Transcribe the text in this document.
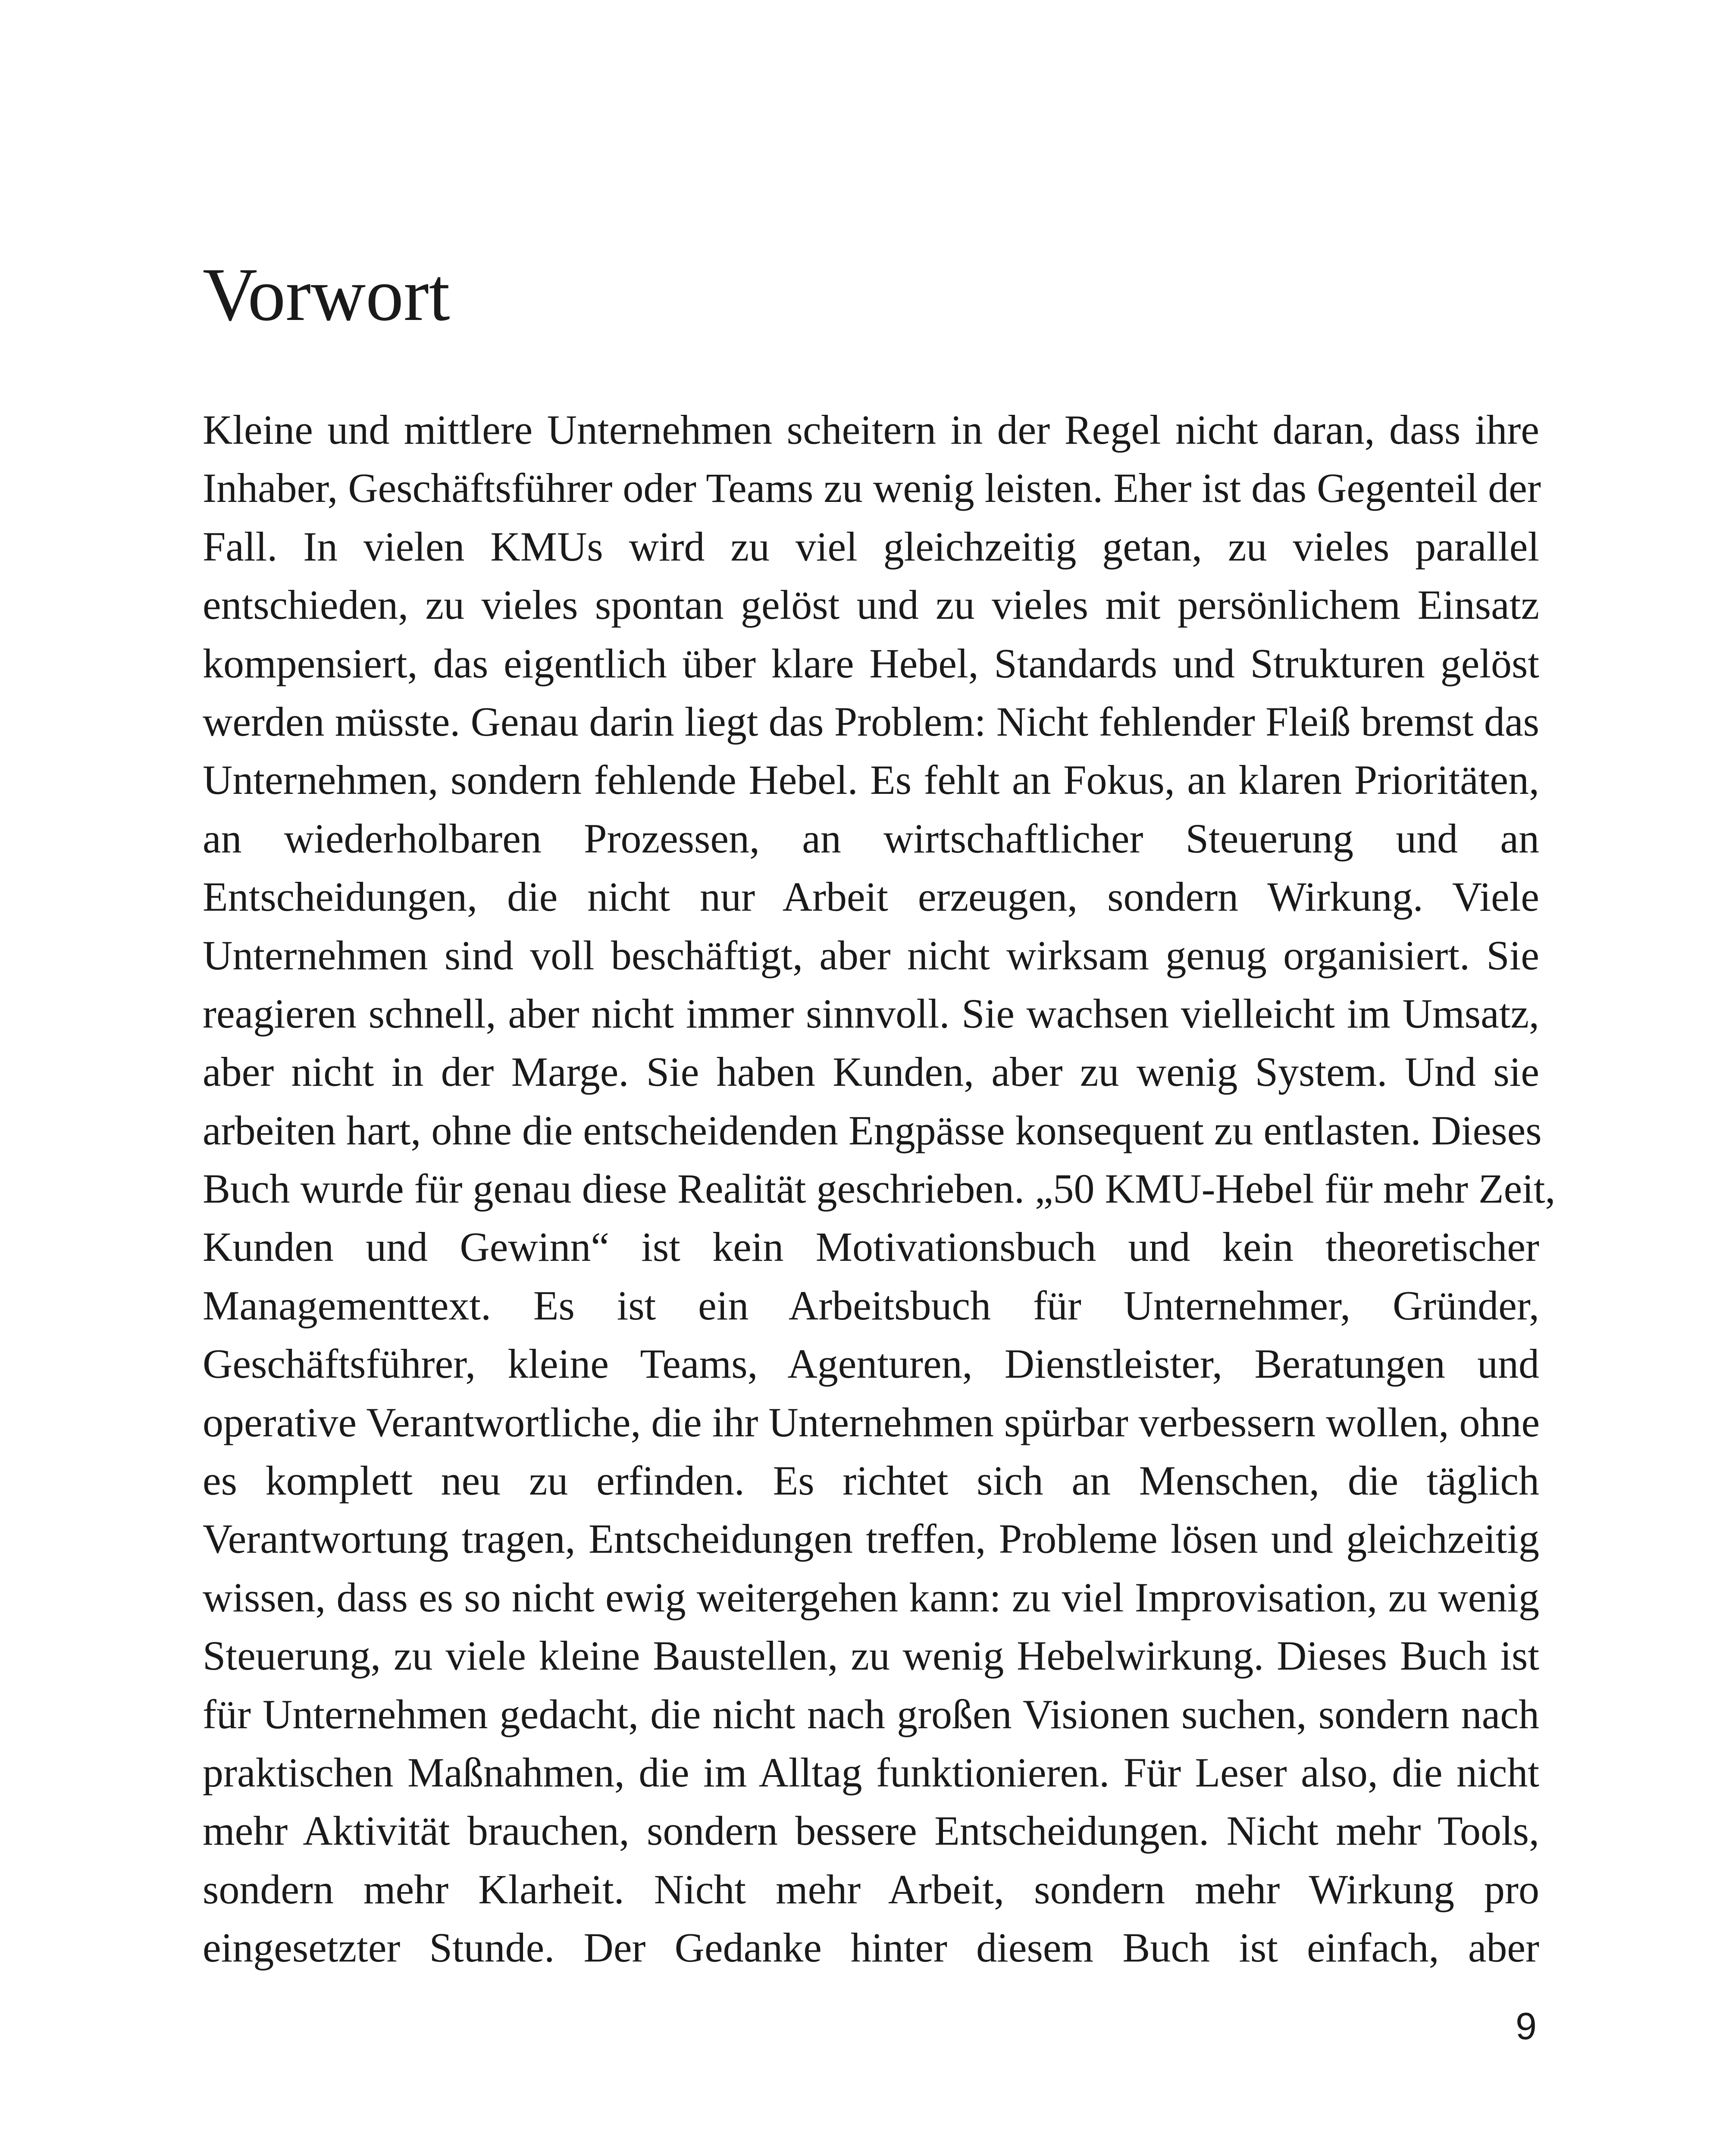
Vorwort
Kleine und mittlere Unternehmen scheitern in der Regel nicht daran, dass ihre
Inhaber, Geschäftsführer oder Teams zu wenig leisten. Eher ist das Gegenteil der
Fall. In vielen KMUs wird zu viel gleichzeitig getan, zu vieles parallel
entschieden, zu vieles spontan gelöst und zu vieles mit persönlichem Einsatz
kompensiert, das eigentlich über klare Hebel, Standards und Strukturen gelöst
werden müsste. Genau darin liegt das Problem: Nicht fehlender Fleiß bremst das
Unternehmen, sondern fehlende Hebel. Es fehlt an Fokus, an klaren Prioritäten,
an wiederholbaren Prozessen, an wirtschaftlicher Steuerung und an
Entscheidungen, die nicht nur Arbeit erzeugen, sondern Wirkung. Viele
Unternehmen sind voll beschäftigt, aber nicht wirksam genug organisiert. Sie
reagieren schnell, aber nicht immer sinnvoll. Sie wachsen vielleicht im Umsatz,
aber nicht in der Marge. Sie haben Kunden, aber zu wenig System. Und sie
arbeiten hart, ohne die entscheidenden Engpässe konsequent zu entlasten. Dieses
Buch wurde für genau diese Realität geschrieben. „50 KMU-Hebel für mehr Zeit,
Kunden und Gewinn“ ist kein Motivationsbuch und kein theoretischer
Managementtext. Es ist ein Arbeitsbuch für Unternehmer, Gründer,
Geschäftsführer, kleine Teams, Agenturen, Dienstleister, Beratungen und
operative Verantwortliche, die ihr Unternehmen spürbar verbessern wollen, ohne
es komplett neu zu erfinden. Es richtet sich an Menschen, die täglich
Verantwortung tragen, Entscheidungen treffen, Probleme lösen und gleichzeitig
wissen, dass es so nicht ewig weitergehen kann: zu viel Improvisation, zu wenig
Steuerung, zu viele kleine Baustellen, zu wenig Hebelwirkung. Dieses Buch ist
für Unternehmen gedacht, die nicht nach großen Visionen suchen, sondern nach
praktischen Maßnahmen, die im Alltag funktionieren. Für Leser also, die nicht
mehr Aktivität brauchen, sondern bessere Entscheidungen. Nicht mehr Tools,
sondern mehr Klarheit. Nicht mehr Arbeit, sondern mehr Wirkung pro
eingesetzter Stunde. Der Gedanke hinter diesem Buch ist einfach, aber
9
